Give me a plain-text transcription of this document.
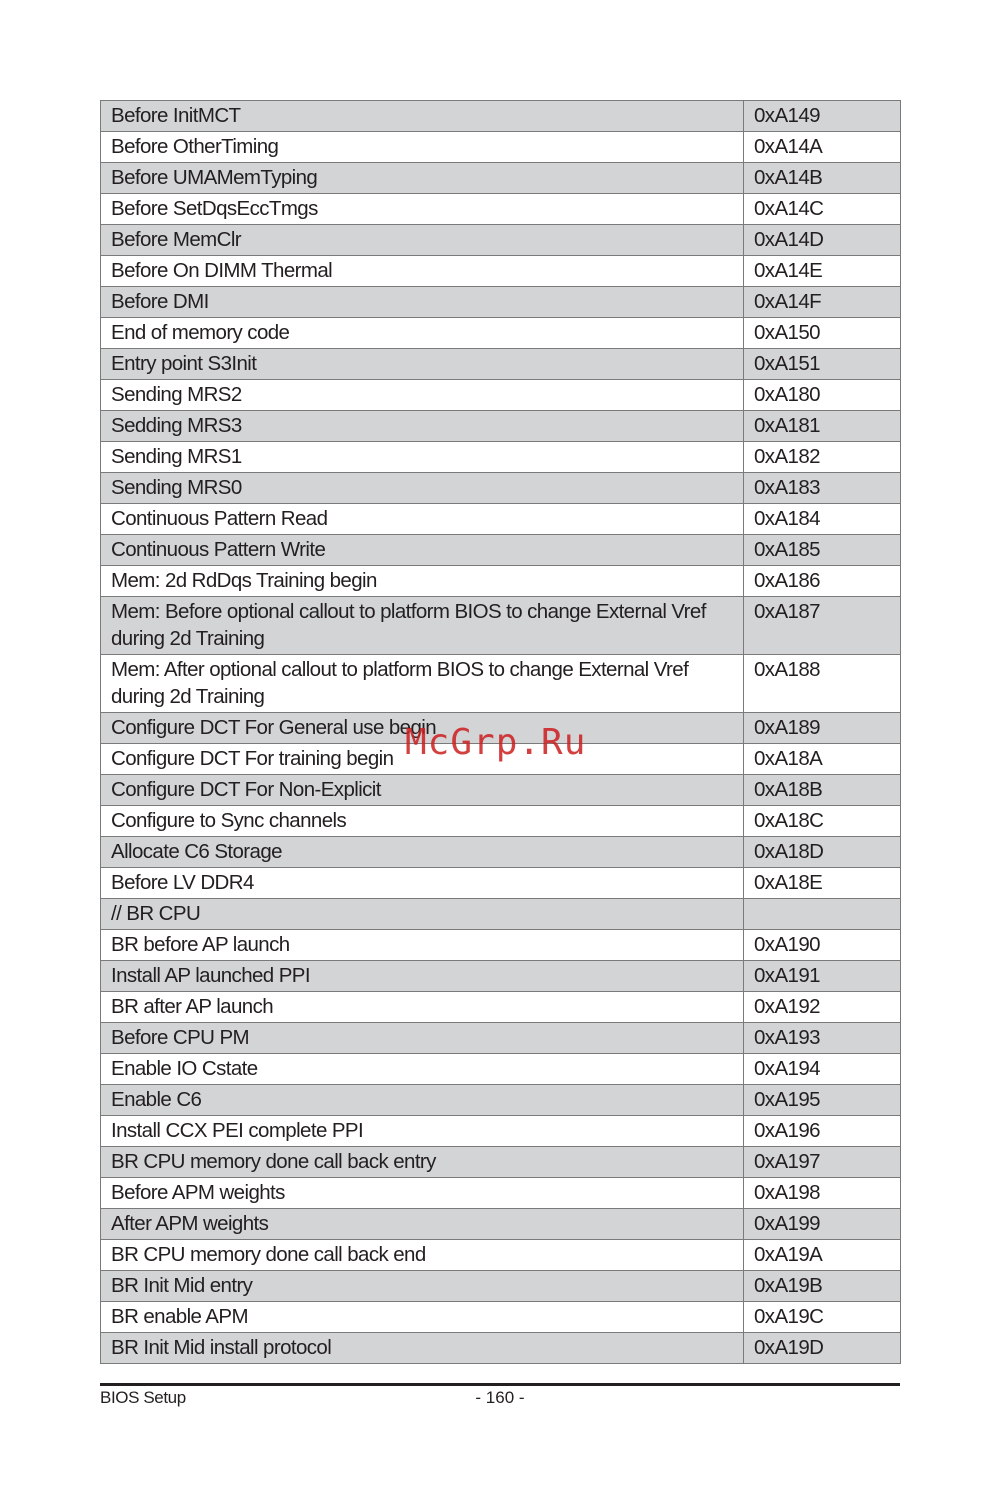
Before InitMCT	0xA149
Before OtherTiming	0xA14A
Before UMAMemTyping	0xA14B
Before SetDqsEccTmgs	0xA14C
Before MemClr	0xA14D
Before On DIMM Thermal	0xA14E
Before DMI	0xA14F
End of memory code	0xA150
Entry point S3Init	0xA151
Sending MRS2	0xA180
Sedding MRS3	0xA181
Sending MRS1	0xA182
Sending MRS0	0xA183
Continuous Pattern Read	0xA184
Continuous Pattern Write	0xA185
Mem: 2d RdDqs Training begin	0xA186
Mem: Before optional callout to platform BIOS to change External Vref during 2d Training	0xA187
Mem: After optional callout to platform BIOS to change External Vref during 2d Training	0xA188
Configure DCT For General use begin	0xA189
Configure DCT For training begin	0xA18A
Configure DCT For Non-Explicit	0xA18B
Configure to Sync channels	0xA18C
Allocate C6 Storage	0xA18D
Before LV DDR4	0xA18E
// BR CPU	
BR before AP launch	0xA190
Install AP launched PPI	0xA191
BR after AP launch	0xA192
Before CPU PM	0xA193
Enable IO Cstate	0xA194
Enable C6	0xA195
Install CCX PEI complete PPI	0xA196
BR CPU memory done call back entry	0xA197
Before APM weights	0xA198
After APM weights	0xA199
BR CPU memory done call back end	0xA19A
BR Init Mid entry	0xA19B
BR enable APM	0xA19C
BR Init Mid install protocol	0xA19D
McGrp.Ru
BIOS Setup	- 160 -
